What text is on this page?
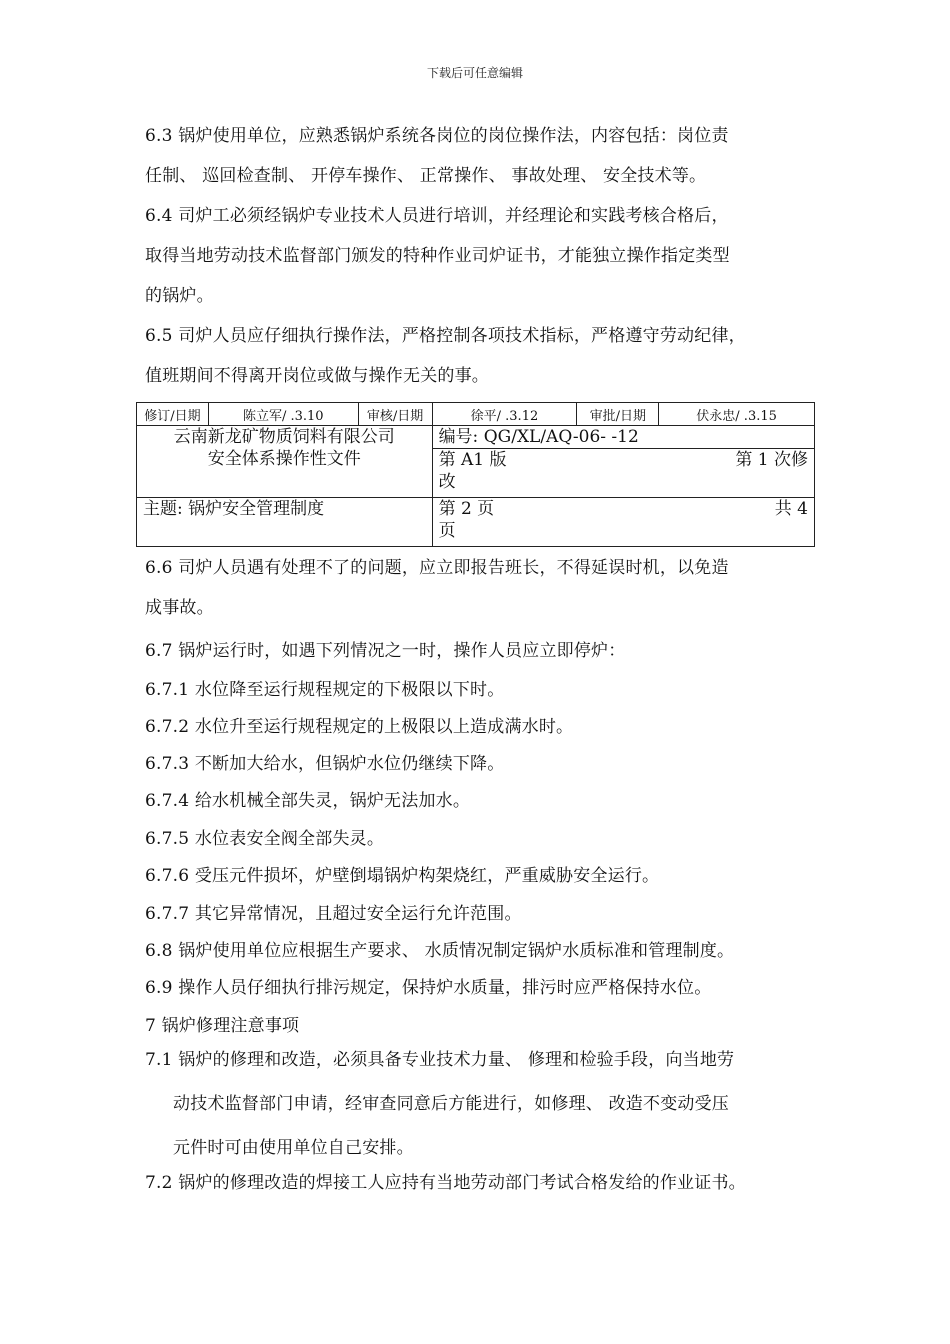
下载后可任意编辑
6.3 锅炉使用单位，应熟悉锅炉系统各岗位的岗位操作法，内容包括：岗位责
任制、 巡回检查制、 开停车操作、 正常操作、 事故处理、 安全技术等。
6.4 司炉工必须经锅炉专业技术人员进行培训，并经理论和实践考核合格后，
取得当地劳动技术监督部门颁发的特种作业司炉证书，才能独立操作指定类型
的锅炉。
6.5 司炉人员应仔细执行操作法，严格控制各项技术指标，严格遵守劳动纪律，
值班期间不得离开岗位或做与操作无关的事。
修订/日期	陈立军/ .3.10	审核/日期	徐平/ .3.12	审批/日期	伏永忠/ .3.15

云南新龙矿物质饲料有限公司
安全体系操作性文件			编号: QG/XL/AQ-06- -12		

			第 A1 版 第 1 次修
改		

主题: 锅炉安全管理制度			第 2 页 共 4
页		
6.6 司炉人员遇有处理不了的问题，应立即报告班长，不得延误时机，以免造
成事故。
6.7 锅炉运行时，如遇下列情况之一时，操作人员应立即停炉：
6.7.1 水位降至运行规程规定的下极限以下时。
6.7.2 水位升至运行规程规定的上极限以上造成满水时。
6.7.3 不断加大给水，但锅炉水位仍继续下降。
6.7.4 给水机械全部失灵，锅炉无法加水。
6.7.5 水位表安全阀全部失灵。
6.7.6 受压元件损坏，炉壁倒塌锅炉构架烧红，严重威胁安全运行。
6.7.7 其它异常情况，且超过安全运行允许范围。
6.8 锅炉使用单位应根据生产要求、 水质情况制定锅炉水质标准和管理制度。
6.9 操作人员仔细执行排污规定，保持炉水质量，排污时应严格保持水位。
7 锅炉修理注意事项
7.1 锅炉的修理和改造，必须具备专业技术力量、 修理和检验手段，向当地劳
动技术监督部门申请，经审查同意后方能进行，如修理、 改造不变动受压
元件时可由使用单位自己安排。
7.2 锅炉的修理改造的焊接工人应持有当地劳动部门考试合格发给的作业证书。
